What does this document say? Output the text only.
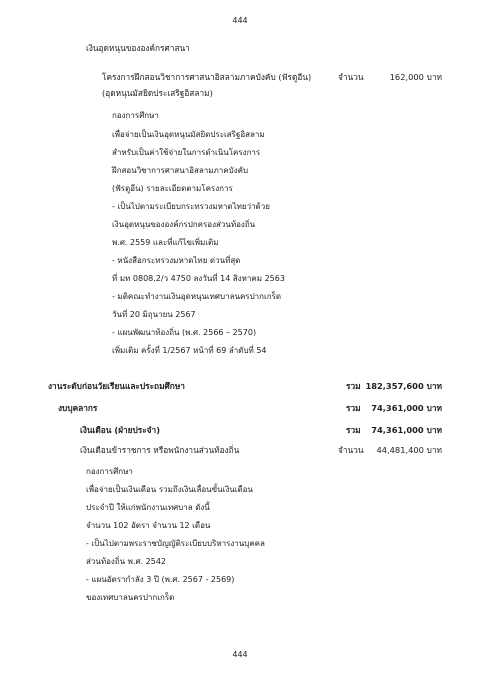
444
เงินอุดหนุนขององค์กรศาสนา
โครงการฝึกสอนวิชาการศาสนาอิสลามภาคบังคับ (ฟัรดูอีน)	จำนวน	162,000 บาท
(อุดหนุนมัสยิดประเสริฐอิสลาม)
กองการศึกษา
เพื่อจ่ายเป็นเงินอุดหนุนมัสยิดประเสริฐอิสลาม
สำหรับเป็นค่าใช้จ่ายในการดำเนินโครงการ
ฝึกสอนวิชาการศาสนาอิสลามภาคบังคับ
(ฟัรดูอีน) รายละเอียดตามโครงการ
- เป็นไปตามระเบียบกระทรวงมหาดไทยว่าด้วย
เงินอุดหนุนขององค์กรปกครองส่วนท้องถิ่น
พ.ศ. 2559 และที่แก้ไขเพิ่มเติม
- หนังสือกระทรวงมหาดไทย ด่วนที่สุด
ที่ มท 0808.2/ว 4750 ลงวันที่ 14 สิงหาคม 2563
- มติคณะทำงานเงินอุดหนุนเทศบาลนครปากเกร็ด
วันที่ 20 มิถุนายน 2567
- แผนพัฒนาท้องถิ่น (พ.ศ. 2566 – 2570)
เพิ่มเติม ครั้งที่ 1/2567 หน้าที่ 69 ลำดับที่ 54
งานระดับก่อนวัยเรียนและประถมศึกษา	รวม 182,357,600 บาท
งบบุคลากร	รวม	74,361,000 บาท
เงินเดือน (ฝ่ายประจำ)	รวม	74,361,000 บาท
เงินเดือนข้าราชการ หรือพนักงานส่วนท้องถิ่น	จำนวน	44,481,400 บาท
กองการศึกษา
เพื่อจ่ายเป็นเงินเดือน รวมถึงเงินเลื่อนขั้นเงินเดือน
ประจำปี ให้แก่พนักงานเทศบาล ดังนี้
จำนวน 102 อัตรา จำนวน 12 เดือน
- เป็นไปตามพระราชบัญญัติระเบียบบริหารงานบุคคล
ส่วนท้องถิ่น พ.ศ. 2542
- แผนอัตรากำลัง 3 ปี (พ.ศ. 2567 - 2569)
ของเทศบาลนครปากเกร็ด
444
